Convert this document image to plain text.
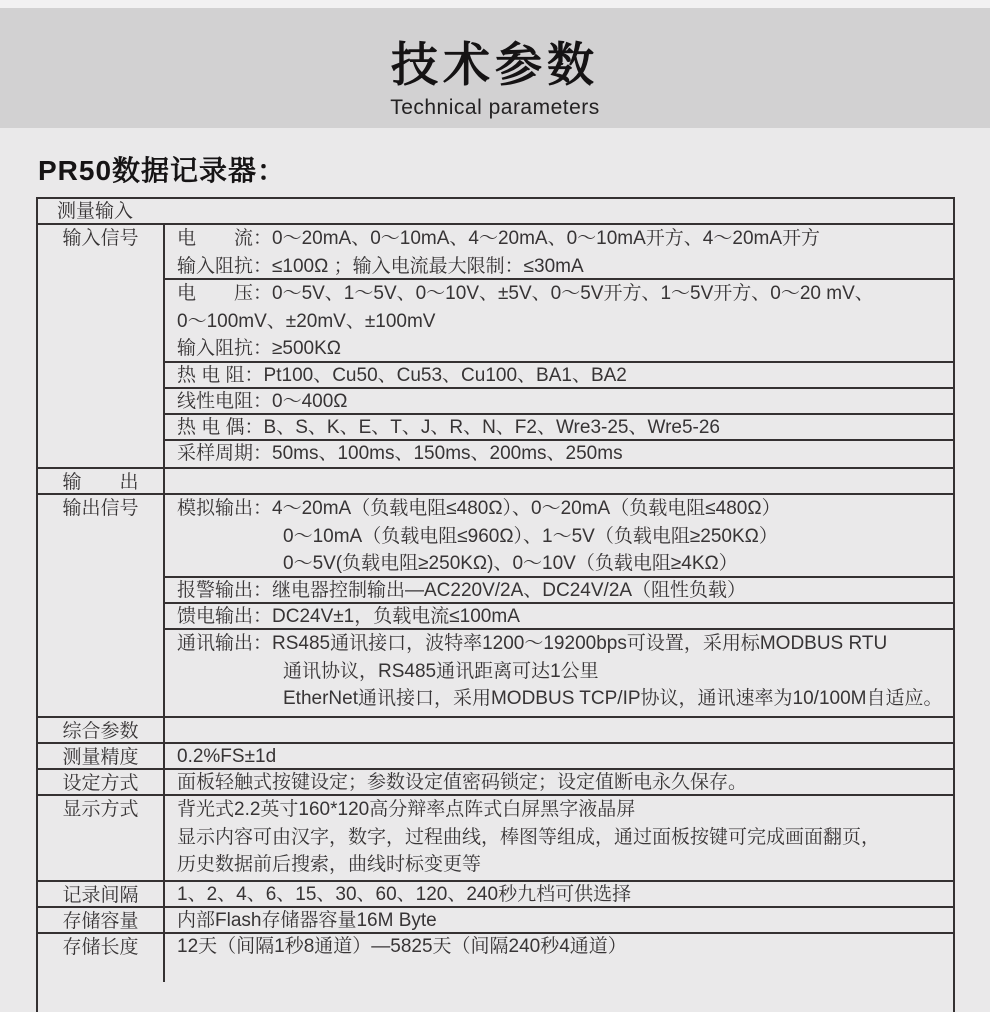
技术参数
Technical parameters
PR50数据记录器：
测量输入
输入信号	电　　流：0～20mA、0～10mA、4～20mA、0～10mA开方、4～20mA开方
输入阻抗：≤100Ω ；输入电流最大限制：≤30mA
电　　压：0～5V、1～5V、0～10V、±5V、0～5V开方、1～5V开方、0～20 mV、
0～100mV、±20mV、±100mV
输入阻抗：≥500KΩ
热 电 阻：Pt100、Cu50、Cu53、Cu100、BA1、BA2
线性电阻：0～400Ω
热 电 偶：B、S、K、E、T、J、R、N、F2、Wre3-25、Wre5-26
采样周期：50ms、100ms、150ms、200ms、250ms
输　　出
输出信号	模拟输出：4～20mA（负载电阻≤480Ω）、0～20mA（负载电阻≤480Ω）
0～10mA（负载电阻≤960Ω）、1～5V（负载电阻≥250KΩ）
0～5V(负载电阻≥250KΩ)、0～10V（负载电阻≥4KΩ）
报警输出：继电器控制输出—AC220V/2A、DC24V/2A（阻性负载）
馈电输出：DC24V±1，负载电流≤100mA
通讯输出：RS485通讯接口，波特率1200～19200bps可设置，采用标MODBUS RTU
通讯协议，RS485通讯距离可达1公里
EtherNet通讯接口，采用MODBUS TCP/IP协议，通讯速率为10/100M自适应。
综合参数
测量精度	0.2%FS±1d
设定方式	面板轻触式按键设定；参数设定值密码锁定；设定值断电永久保存。
显示方式	背光式2.2英寸160*120高分辩率点阵式白屏黑字液晶屏
显示内容可由汉字，数字，过程曲线，棒图等组成，通过面板按键可完成画面翻页，
历史数据前后搜索，曲线时标变更等
记录间隔	1、2、4、6、15、30、60、120、240秒九档可供选择
存储容量	内部Flash存储器容量16M Byte
存储长度	12天（间隔1秒8通道）—5825天（间隔240秒4通道）
